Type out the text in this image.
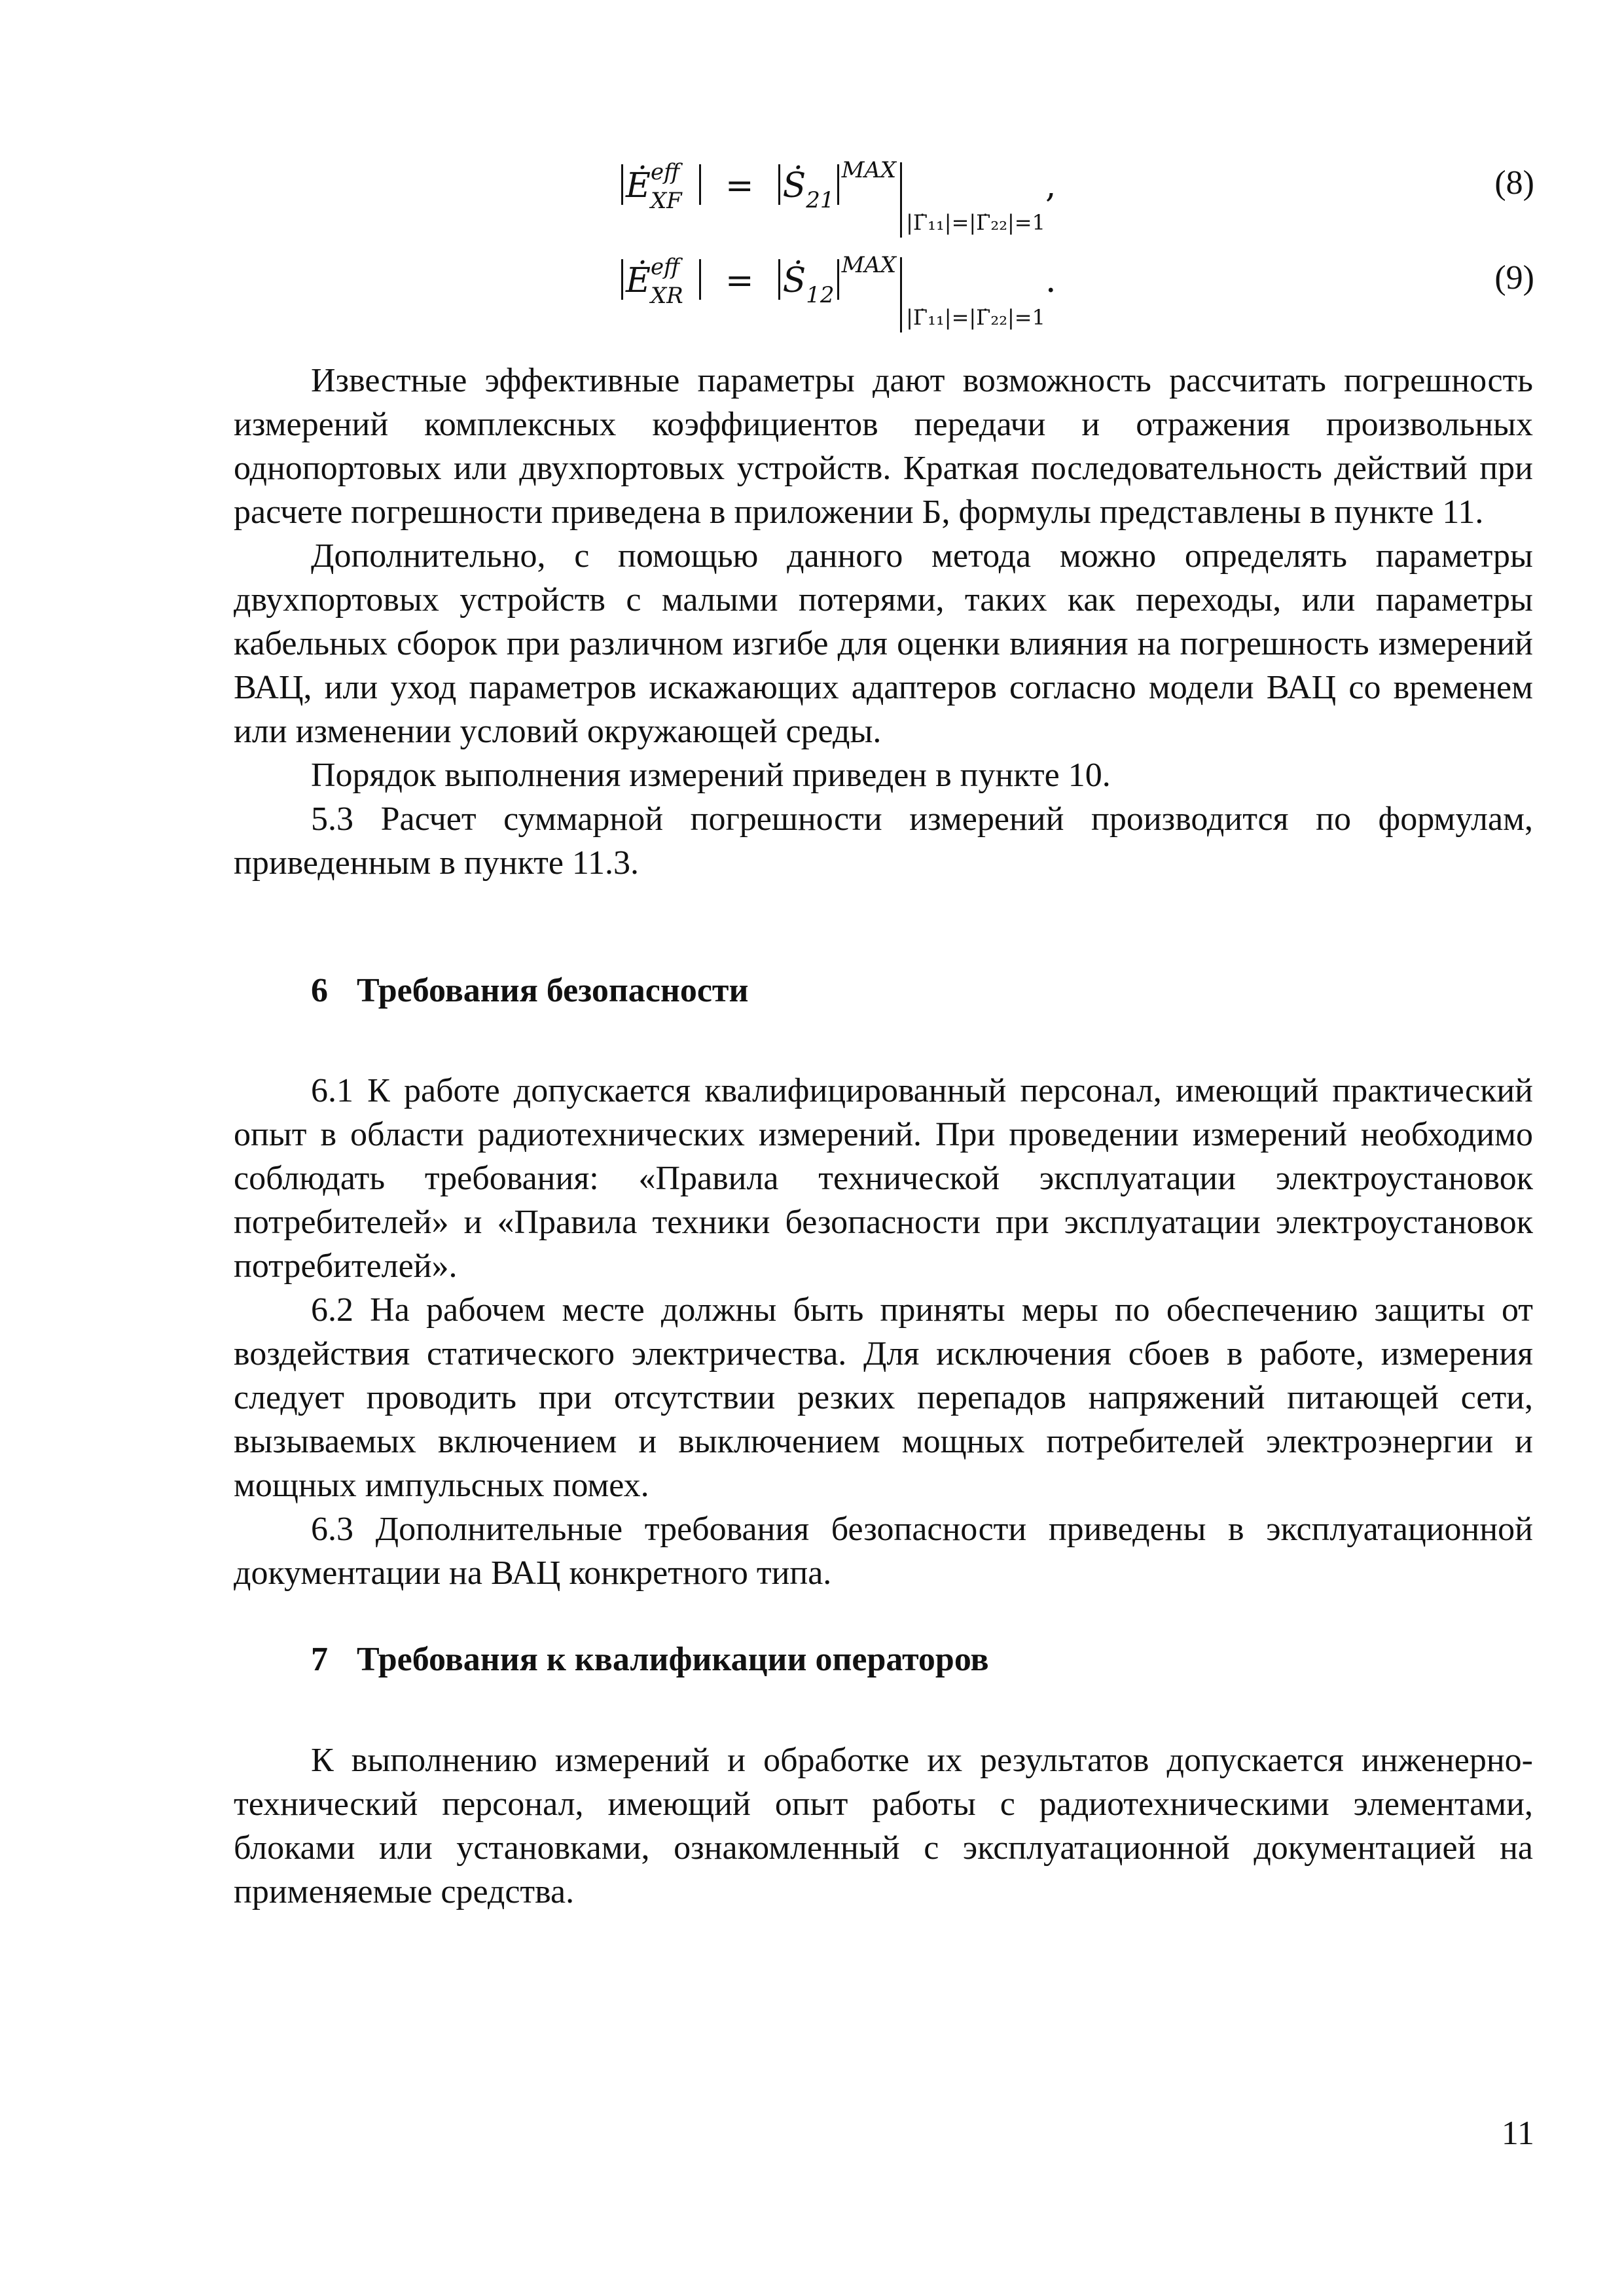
Ė eff
XF =  Ṡ$_{21}^{MAX}_{|\Gammȧ_{11}|=|\Gammȧ_{22}|=1}$,	(8)
Ė eff
XR =  Ṡ$_{12}^{MAX}_{|\Gammȧ_{11}|=|\Gammȧ_{22}|=1}$.	(9)

Известные эффективные параметры дают возможность рассчитать погрешность измерений комплексных коэффициентов передачи и отражения произвольных однопортовых или двухпортовых устройств. Краткая последовательность действий при расчете погрешности приведена в приложении Б, формулы представлены в пункте 11.

Дополнительно, с помощью данного метода можно определять параметры двухпортовых устройств с малыми потерями, таких как переходы, или параметры кабельных сборок при различном изгибе для оценки влияния на погрешность измерений ВАЦ, или уход параметров искажающих адаптеров согласно модели ВАЦ со временем или изменении условий окружающей среды.

Порядок выполнения измерений приведен в пункте 10.

5.3 Расчет суммарной погрешности измерений производится по формулам, приведенным в пункте 11.3.

6 Требования безопасности

6.1 К работе допускается квалифицированный персонал, имеющий практический опыт в области радиотехнических измерений. При проведении измерений необходимо соблюдать требования: «Правила технической эксплуатации электроустановок потребителей» и «Правила техники безопасности при эксплуатации электроустановок потребителей».

6.2 На рабочем месте должны быть приняты меры по обеспечению защиты от воздействия статического электричества. Для исключения сбоев в работе, измерения следует проводить при отсутствии резких перепадов напряжений питающей сети, вызываемых включением и выключением мощных потребителей электроэнергии и мощных импульсных помех.

6.3 Дополнительные требования безопасности приведены в эксплуатационной документации на ВАЦ конкретного типа.

7 Требования к квалификации операторов

К выполнению измерений и обработке их результатов допускается инженерно-технический персонал, имеющий опыт работы с радиотехническими элементами, блоками или установками, ознакомленный с эксплуатационной документацией на применяемые средства.

11
